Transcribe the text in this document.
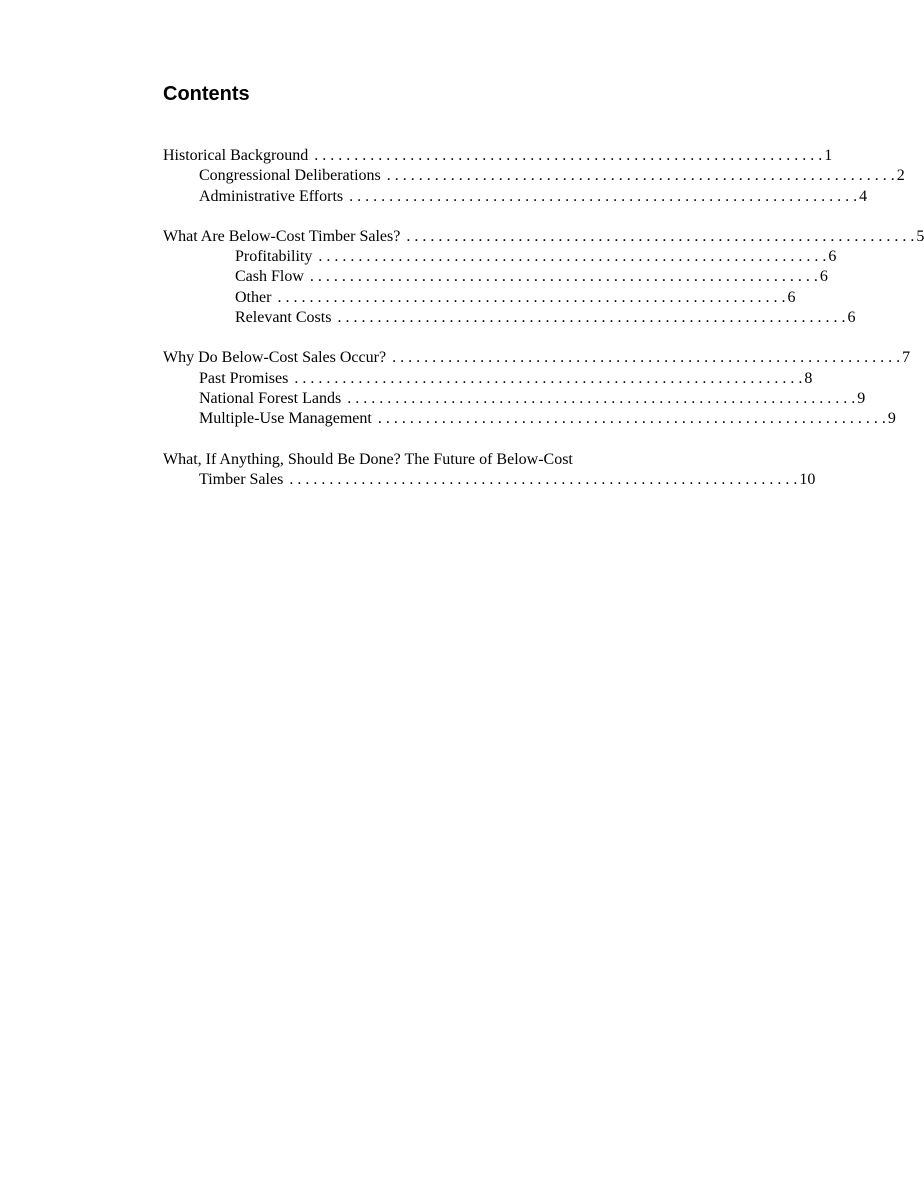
Contents
Historical Background . . . . . . . . . . . . . . . . . . . . . . . . . . . . . . . . . . . . . . . . . . . . . . . . . . . . . . . . . . . . . . . . 1
Congressional Deliberations . . . . . . . . . . . . . . . . . . . . . . . . . . . . . . . . . . . . . . . . . . . . . . . . . . . . . . . . . . . . . . . . 2
Administrative Efforts . . . . . . . . . . . . . . . . . . . . . . . . . . . . . . . . . . . . . . . . . . . . . . . . . . . . . . . . . . . . . . . . 4
What Are Below-Cost Timber Sales? . . . . . . . . . . . . . . . . . . . . . . . . . . . . . . . . . . . . . . . . . . . . . . . . . . . . . . . . . . . . . . . . 5
Profitability . . . . . . . . . . . . . . . . . . . . . . . . . . . . . . . . . . . . . . . . . . . . . . . . . . . . . . . . . . . . . . . . 6
Cash Flow . . . . . . . . . . . . . . . . . . . . . . . . . . . . . . . . . . . . . . . . . . . . . . . . . . . . . . . . . . . . . . . . 6
Other . . . . . . . . . . . . . . . . . . . . . . . . . . . . . . . . . . . . . . . . . . . . . . . . . . . . . . . . . . . . . . . . 6
Relevant Costs . . . . . . . . . . . . . . . . . . . . . . . . . . . . . . . . . . . . . . . . . . . . . . . . . . . . . . . . . . . . . . . . 6
Why Do Below-Cost Sales Occur? . . . . . . . . . . . . . . . . . . . . . . . . . . . . . . . . . . . . . . . . . . . . . . . . . . . . . . . . . . . . . . . . 7
Past Promises . . . . . . . . . . . . . . . . . . . . . . . . . . . . . . . . . . . . . . . . . . . . . . . . . . . . . . . . . . . . . . . . 8
National Forest Lands . . . . . . . . . . . . . . . . . . . . . . . . . . . . . . . . . . . . . . . . . . . . . . . . . . . . . . . . . . . . . . . . 9
Multiple-Use Management . . . . . . . . . . . . . . . . . . . . . . . . . . . . . . . . . . . . . . . . . . . . . . . . . . . . . . . . . . . . . . . . 9
What, If Anything, Should Be Done? The Future of Below-Cost
Timber Sales . . . . . . . . . . . . . . . . . . . . . . . . . . . . . . . . . . . . . . . . . . . . . . . . . . . . . . . . . . . . . . . . 10
